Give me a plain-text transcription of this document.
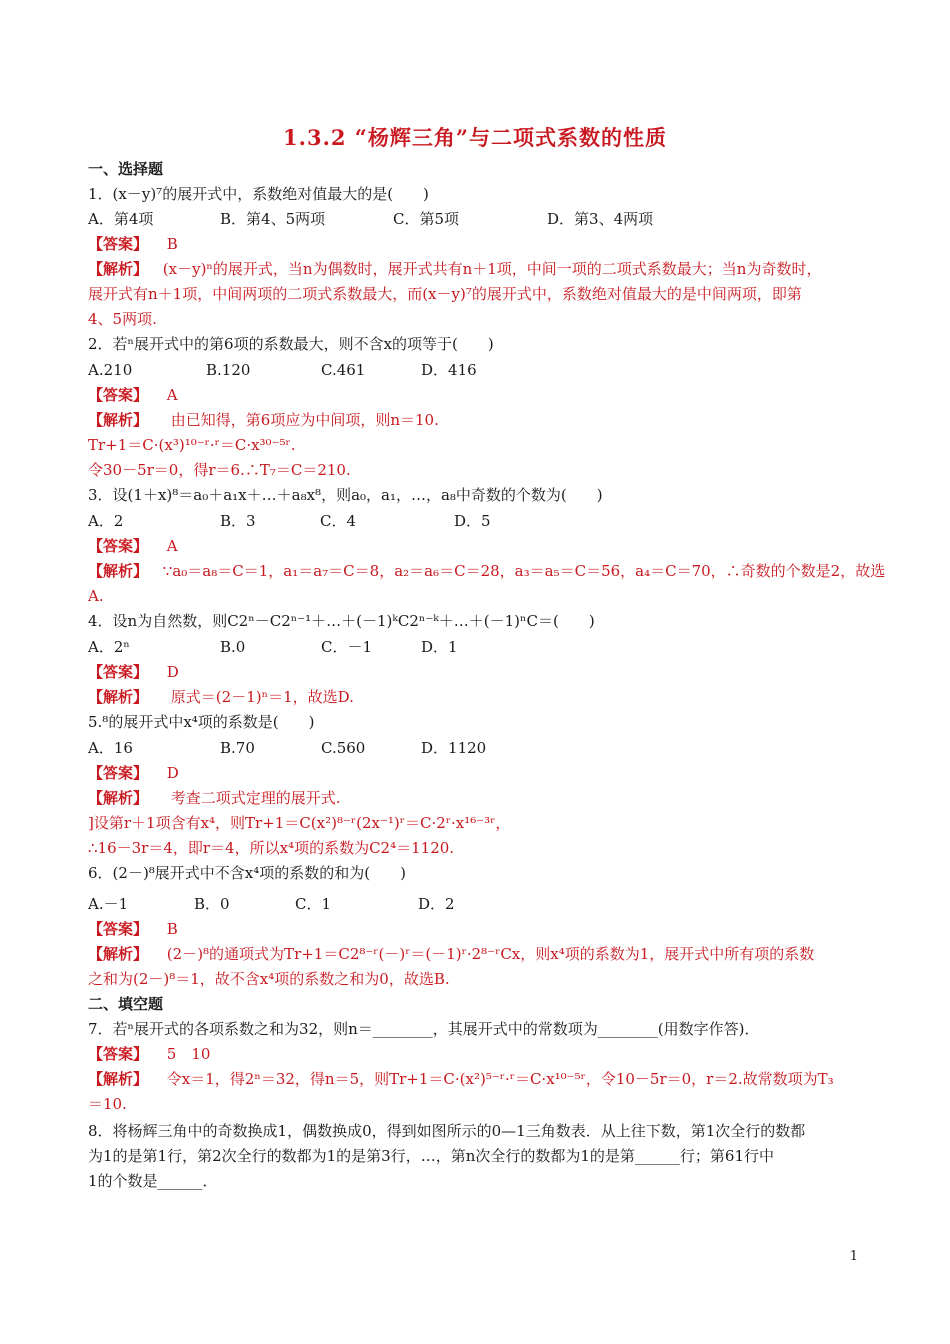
1.3.2 “杨辉三角”与二项式系数的性质
一、选择题
1．(x－y)⁷的展开式中，系数绝对值最大的是(　　)
A．第4项	B．第4、5两项	C．第5项	D．第3、4两项
【答案】 B
【解析】 (x－y)ⁿ的展开式，当n为偶数时，展开式共有n＋1项，中间一项的二项式系数最大；当n为奇数时，
展开式有n＋1项，中间两项的二项式系数最大，而(x－y)⁷的展开式中，系数绝对值最大的是中间两项，即第
4、5两项.
2．若ⁿ展开式中的第6项的系数最大，则不含x的项等于(　　)
A.210	B.120	C.461	D．416
【答案】 A
【解析】 由已知得，第6项应为中间项，则n＝10.
Tr+1＝C·(x³)¹⁰⁻ʳ·ʳ＝C·x³⁰⁻⁵ʳ.
令30－5r＝0，得r＝6.∴T₇＝C＝210.
3．设(1＋x)⁸＝a₀＋a₁x＋…＋a₈x⁸，则a₀，a₁，…，a₈中奇数的个数为(　　)
A．2	B．3	C．4	D．5
【答案】 A
【解析】 ∵a₀＝a₈＝C＝1，a₁＝a₇＝C＝8，a₂＝a₆＝C＝28，a₃＝a₅＝C＝56，a₄＝C＝70，∴奇数的个数是2，故选
A.
4．设n为自然数，则C2ⁿ－C2ⁿ⁻¹＋…＋(－1)ᵏC2ⁿ⁻ᵏ＋…＋(－1)ⁿC＝(　　)
A．2ⁿ	B.0	C．－1	D．1
【答案】 D
【解析】 原式＝(2－1)ⁿ＝1，故选D.
5.⁸的展开式中x⁴项的系数是(　　)
A．16	B.70	C.560	D．1120
【答案】 D
【解析】 考查二项式定理的展开式.
]设第r＋1项含有x⁴，则Tr+1＝C(x²)⁸⁻ʳ(2x⁻¹)ʳ＝C·2ʳ·x¹⁶⁻³ʳ，
∴16－3r＝4，即r＝4，所以x⁴项的系数为C2⁴＝1120.
6．(2－)⁸展开式中不含x⁴项的系数的和为(　　)
A.－1	B．0	C．1	D．2
【答案】 B
【解析】 (2－)⁸的通项式为Tr+1＝C2⁸⁻ʳ(－)ʳ＝(－1)ʳ·2⁸⁻ʳCx，则x⁴项的系数为1，展开式中所有项的系数
之和为(2－)⁸＝1，故不含x⁴项的系数之和为0，故选B.
二、填空题
7．若ⁿ展开式的各项系数之和为32，则n＝________，其展开式中的常数项为________(用数字作答)．
【答案】 5　10
【解析】 令x＝1，得2ⁿ＝32，得n＝5，则Tr+1＝C·(x²)⁵⁻ʳ·ʳ＝C·x¹⁰⁻⁵ʳ，令10－5r＝0，r＝2.故常数项为T₃
＝10.
8．将杨辉三角中的奇数换成1，偶数换成0，得到如图所示的0—1三角数表．从上往下数，第1次全行的数都
为1的是第1行，第2次全行的数都为1的是第3行，…，第n次全行的数都为1的是第______行；第61行中
1的个数是______．
1
